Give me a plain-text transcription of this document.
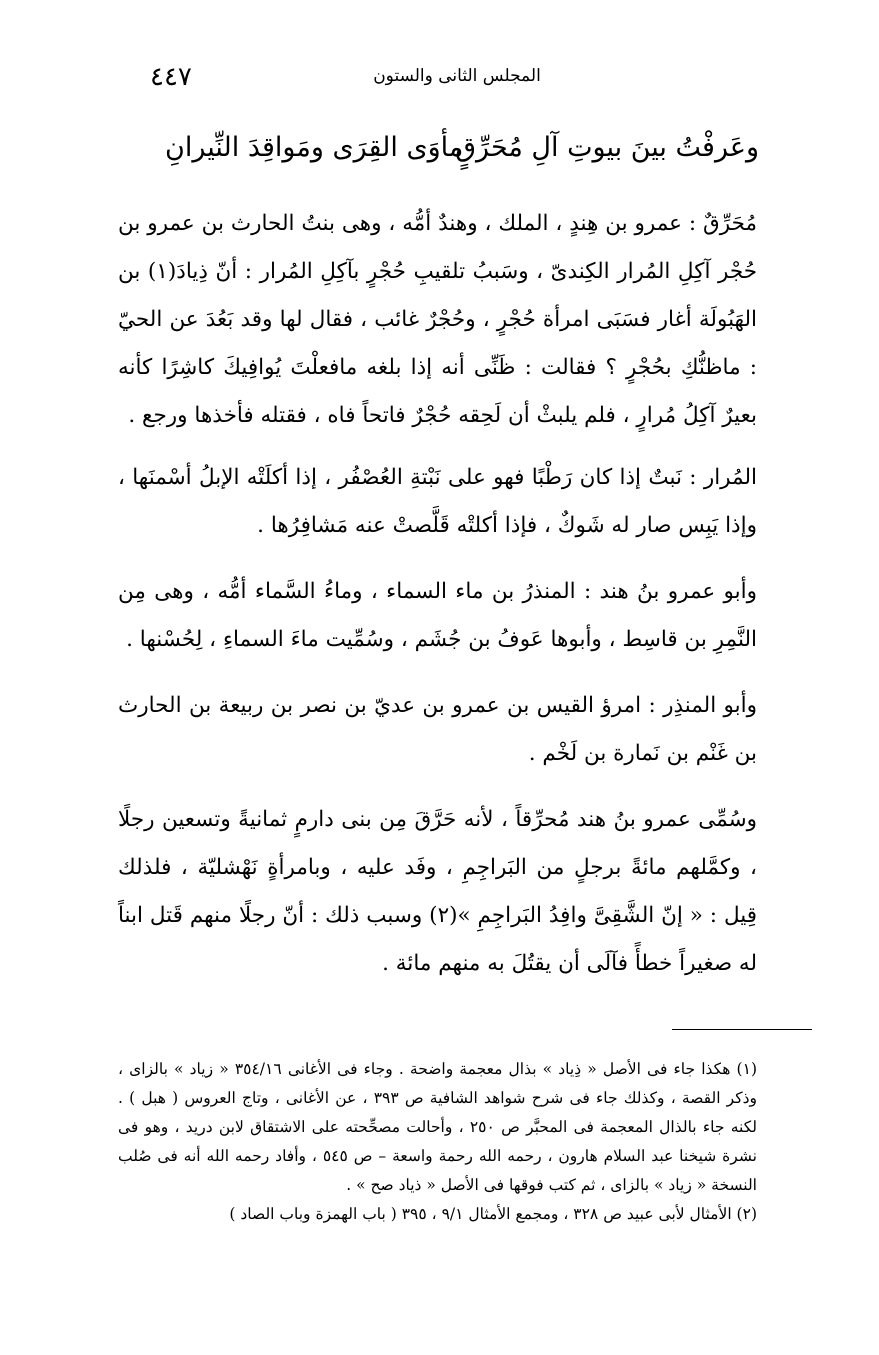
٤٤٧	المجلس الثانى والستون
وعَرفْتُ بينَ بيوتِ آلِ مُحَرِّقٍ
مأوَى القِرَى ومَواقِدَ النِّيرانِ

مُحَرِّقٌ : عمرو بن هِندٍ ، الملك ، وهندٌ أمُّه ، وهى بنتُ الحارث بن عمرو بن حُجْر آكِلِ المُرار الكِندىّ ، وسَببُ تلقيبِ حُجْرٍ بآكِلِ المُرار : أنّ ذِيادَ(١) بن الهَبُولَة أغار فسَبَى امرأة حُجْرٍ ، وحُجْرٌ غائب ، فقال لها وقد بَعُدَ عن الحيّ : ماظنُّكِ بحُجْرٍ ؟ فقالت : ظَنِّى أنه إذا بلغه مافعلْتَ يُوافِيكَ كاشِرًا كأنه بعيرٌ آكِلُ مُرارٍ ، فلم يلبثْ أن لَحِقه حُجْرٌ فاتحاً فاه ، فقتله فأخذها ورجع .

المُرار : نَبتٌ إذا كان رَطْبًا فهو على نَبْتةِ العُصْفُر ، إذا أكلَتْه الإبلُ أسْمنَها ، وإذا يَبِس صار له شَوكٌ ، فإذا أكلتْه قَلَّصتْ عنه مَشافِرُها .

وأبو عمرو بنُ هند : المنذرُ بن ماء السماء ، وماءُ السَّماء أمُّه ، وهى مِن النَّمِرِ بن قاسِط ، وأبوها عَوفُ بن جُشَم ، وسُمِّيت ماءَ السماءِ ، لِحُسْنها .

وأبو المنذِر : امرؤ القيس بن عمرو بن عديّ بن نصر بن ربيعة بن الحارث بن غَنْم بن نَمارة بن لَخْم .

وسُمِّى عمرو بنُ هند مُحرِّقاً ، لأنه حَرَّقَ مِن بنى دارمٍ ثمانيةً وتسعين رجلًا ، وكمَّلهم مائةً برجلٍ من البَراجِمِ ، وفَد عليه ، وبامرأةٍ نَهْشليّة ، فلذلك قِيل : « إنّ الشَّقِىَّ وافِدُ البَراجِمِ »(٢) وسبب ذلك : أنّ رجلًا منهم قَتل ابناً له صغيراً خطأً فآلَى أن يقتُلَ به منهم مائة .

(١) هكذا جاء فى الأصل « ذِياد » بذال معجمة واضحة . وجاء فى الأغانى ٣٥٤/١٦ « زياد » بالزاى ، وذكر القصة ، وكذلك جاء فى شرح شواهد الشافية ص ٣٩٣ ، عن الأغانى ، وتاج العروس ( هبل ) . لكنه جاء بالذال المعجمة فى المحبَّر ص ٢٥٠ ، وأحالت مصحِّحته على الاشتقاق لابن دريد ، وهو فى نشرة شيخنا عبد السلام هارون ، رحمه الله رحمة واسعة – ص ٥٤٥ ، وأفاد رحمه الله أنه فى صُلب النسخة « زياد » بالزاى ، ثم كتب فوقها فى الأصل « ذياد صح » .

(٢) الأمثال لأبى عبيد ص ٣٢٨ ، ومجمع الأمثال ٩/١ ، ٣٩٥ ( باب الهمزة وباب الصاد )
